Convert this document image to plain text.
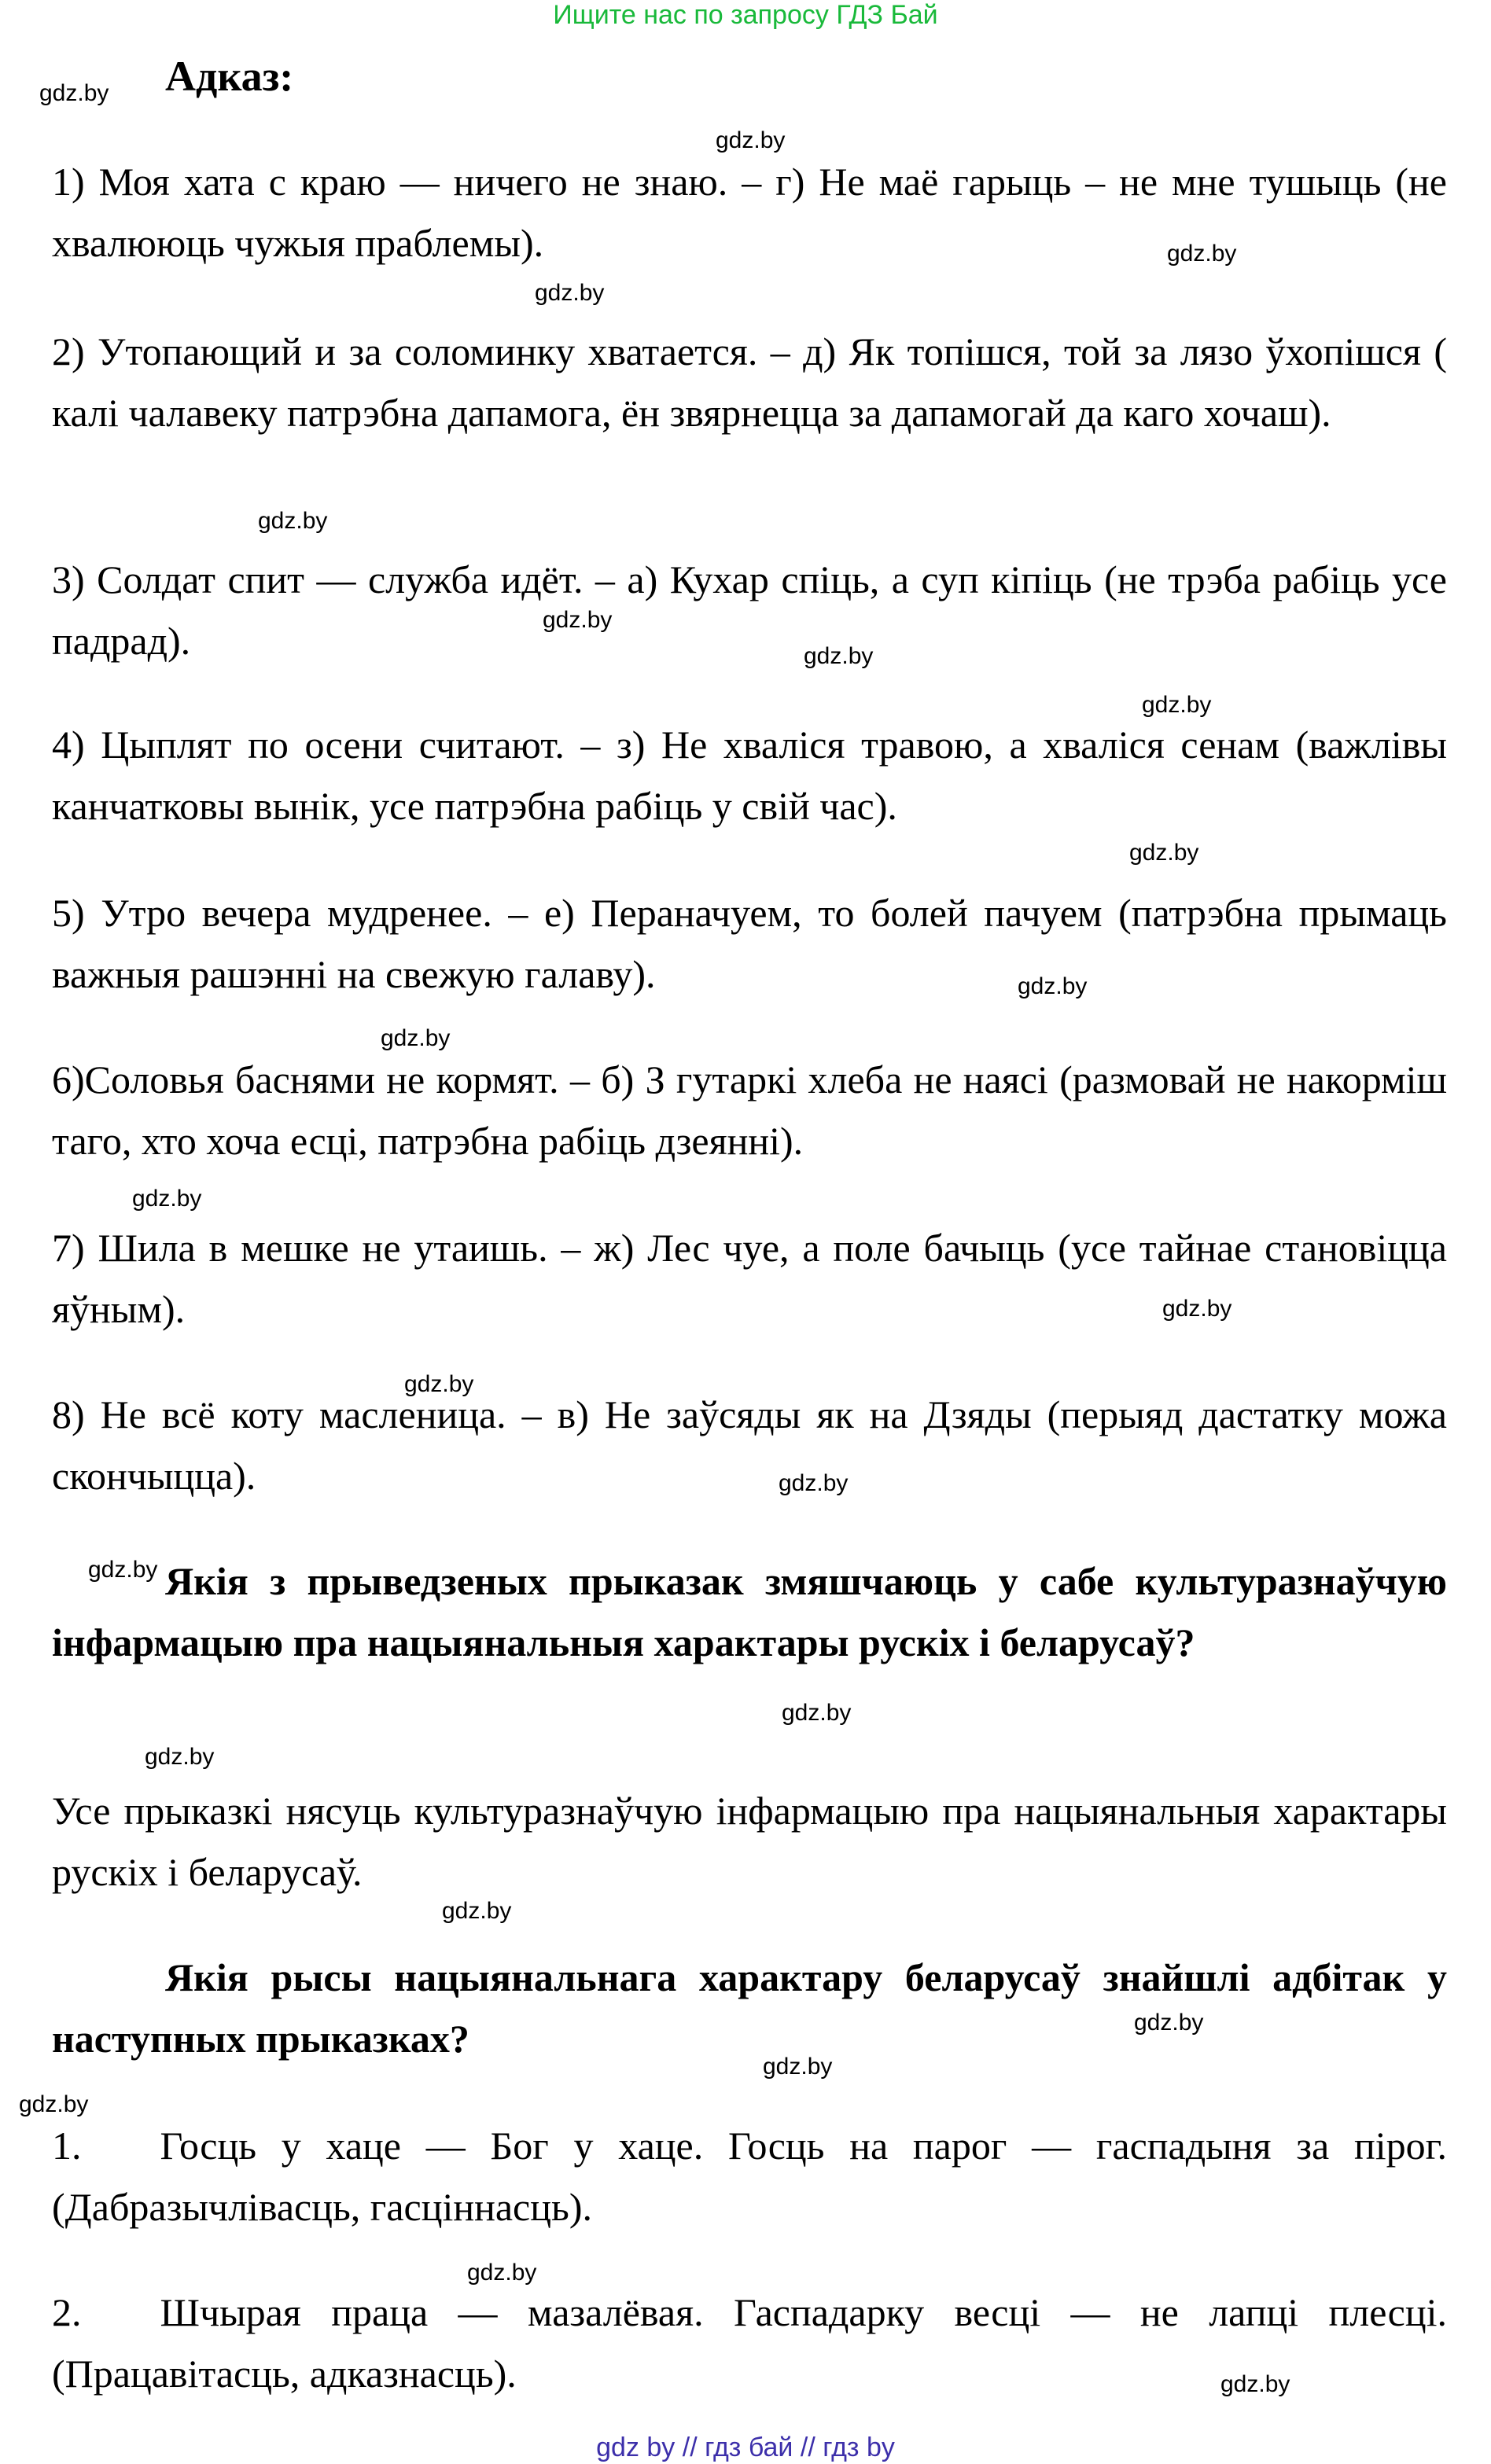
Ищите нас по запросу ГДЗ Бай
Адказ:

1) Моя хата с краю — ничего не знаю. – г) Не маё гарыць – не мне тушыць (не хвалююць чужыя праблемы).

2) Утопающий и за соломинку хватается. – д) Як топішся, той за лязо ўхопішся ( калі чалавеку патрэбна дапамога, ён звярнецца за дапамогай да каго хочаш).

3) Солдат спит — служба идёт. – а) Кухар спіць, а суп кіпіць (не трэба рабіць усе падрад).

4) Цыплят по осени считают. – з) Не хваліся травою, а хваліся сенам (важлівы канчатковы вынік, усе патрэбна рабіць у свій час).

5) Утро вечера мудренее. – е) Пераначуем, то болей пачуем (патрэбна прымаць важныя рашэнні на свежую галаву).

6)Соловья баснями не кормят. – б) З гутаркі хлеба не наясі (размовай не накорміш таго, хто хоча есці, патрэбна рабіць дзеянні).

7) Шила в мешке не утаишь. – ж) Лес чуе, а поле бачыць (усе тайнае становіцца яўным).

8) Не всё коту масленица. – в) Не заўсяды як на Дзяды (перыяд дастатку можа скончыцца).

Якія з прыведзеных прыказак змяшчаюць у сабе культуразнаўчую інфармацыю пра нацыянальныя характары рускіх і беларусаў?

Усе прыказкі нясуць культуразнаўчую інфармацыю пра нацыянальныя характары рускіх і беларусаў.

Якія рысы нацыянальнага характару беларусаў знайшлі адбітак у наступных прыказках?

1. Госць у хаце — Бог у хаце. Госць на парог — гаспадыня за пірог. (Дабразычлівасць, гасціннасць).

2. Шчырая праца — мазалёвая. Гаспадарку весці — не лапці плесці. (Працавітасць, адказнасць).

gdz.by
gdz.by
gdz.by
gdz.by
gdz.by
gdz.by
gdz.by
gdz.by
gdz.by
gdz.by
gdz.by
gdz.by
gdz.by
gdz.by
gdz.by
gdz.by
gdz.by
gdz.by
gdz.by
gdz.by
gdz.by
gdz.by
gdz.by
gdz.by
gdz by // гдз бай // гдз by
